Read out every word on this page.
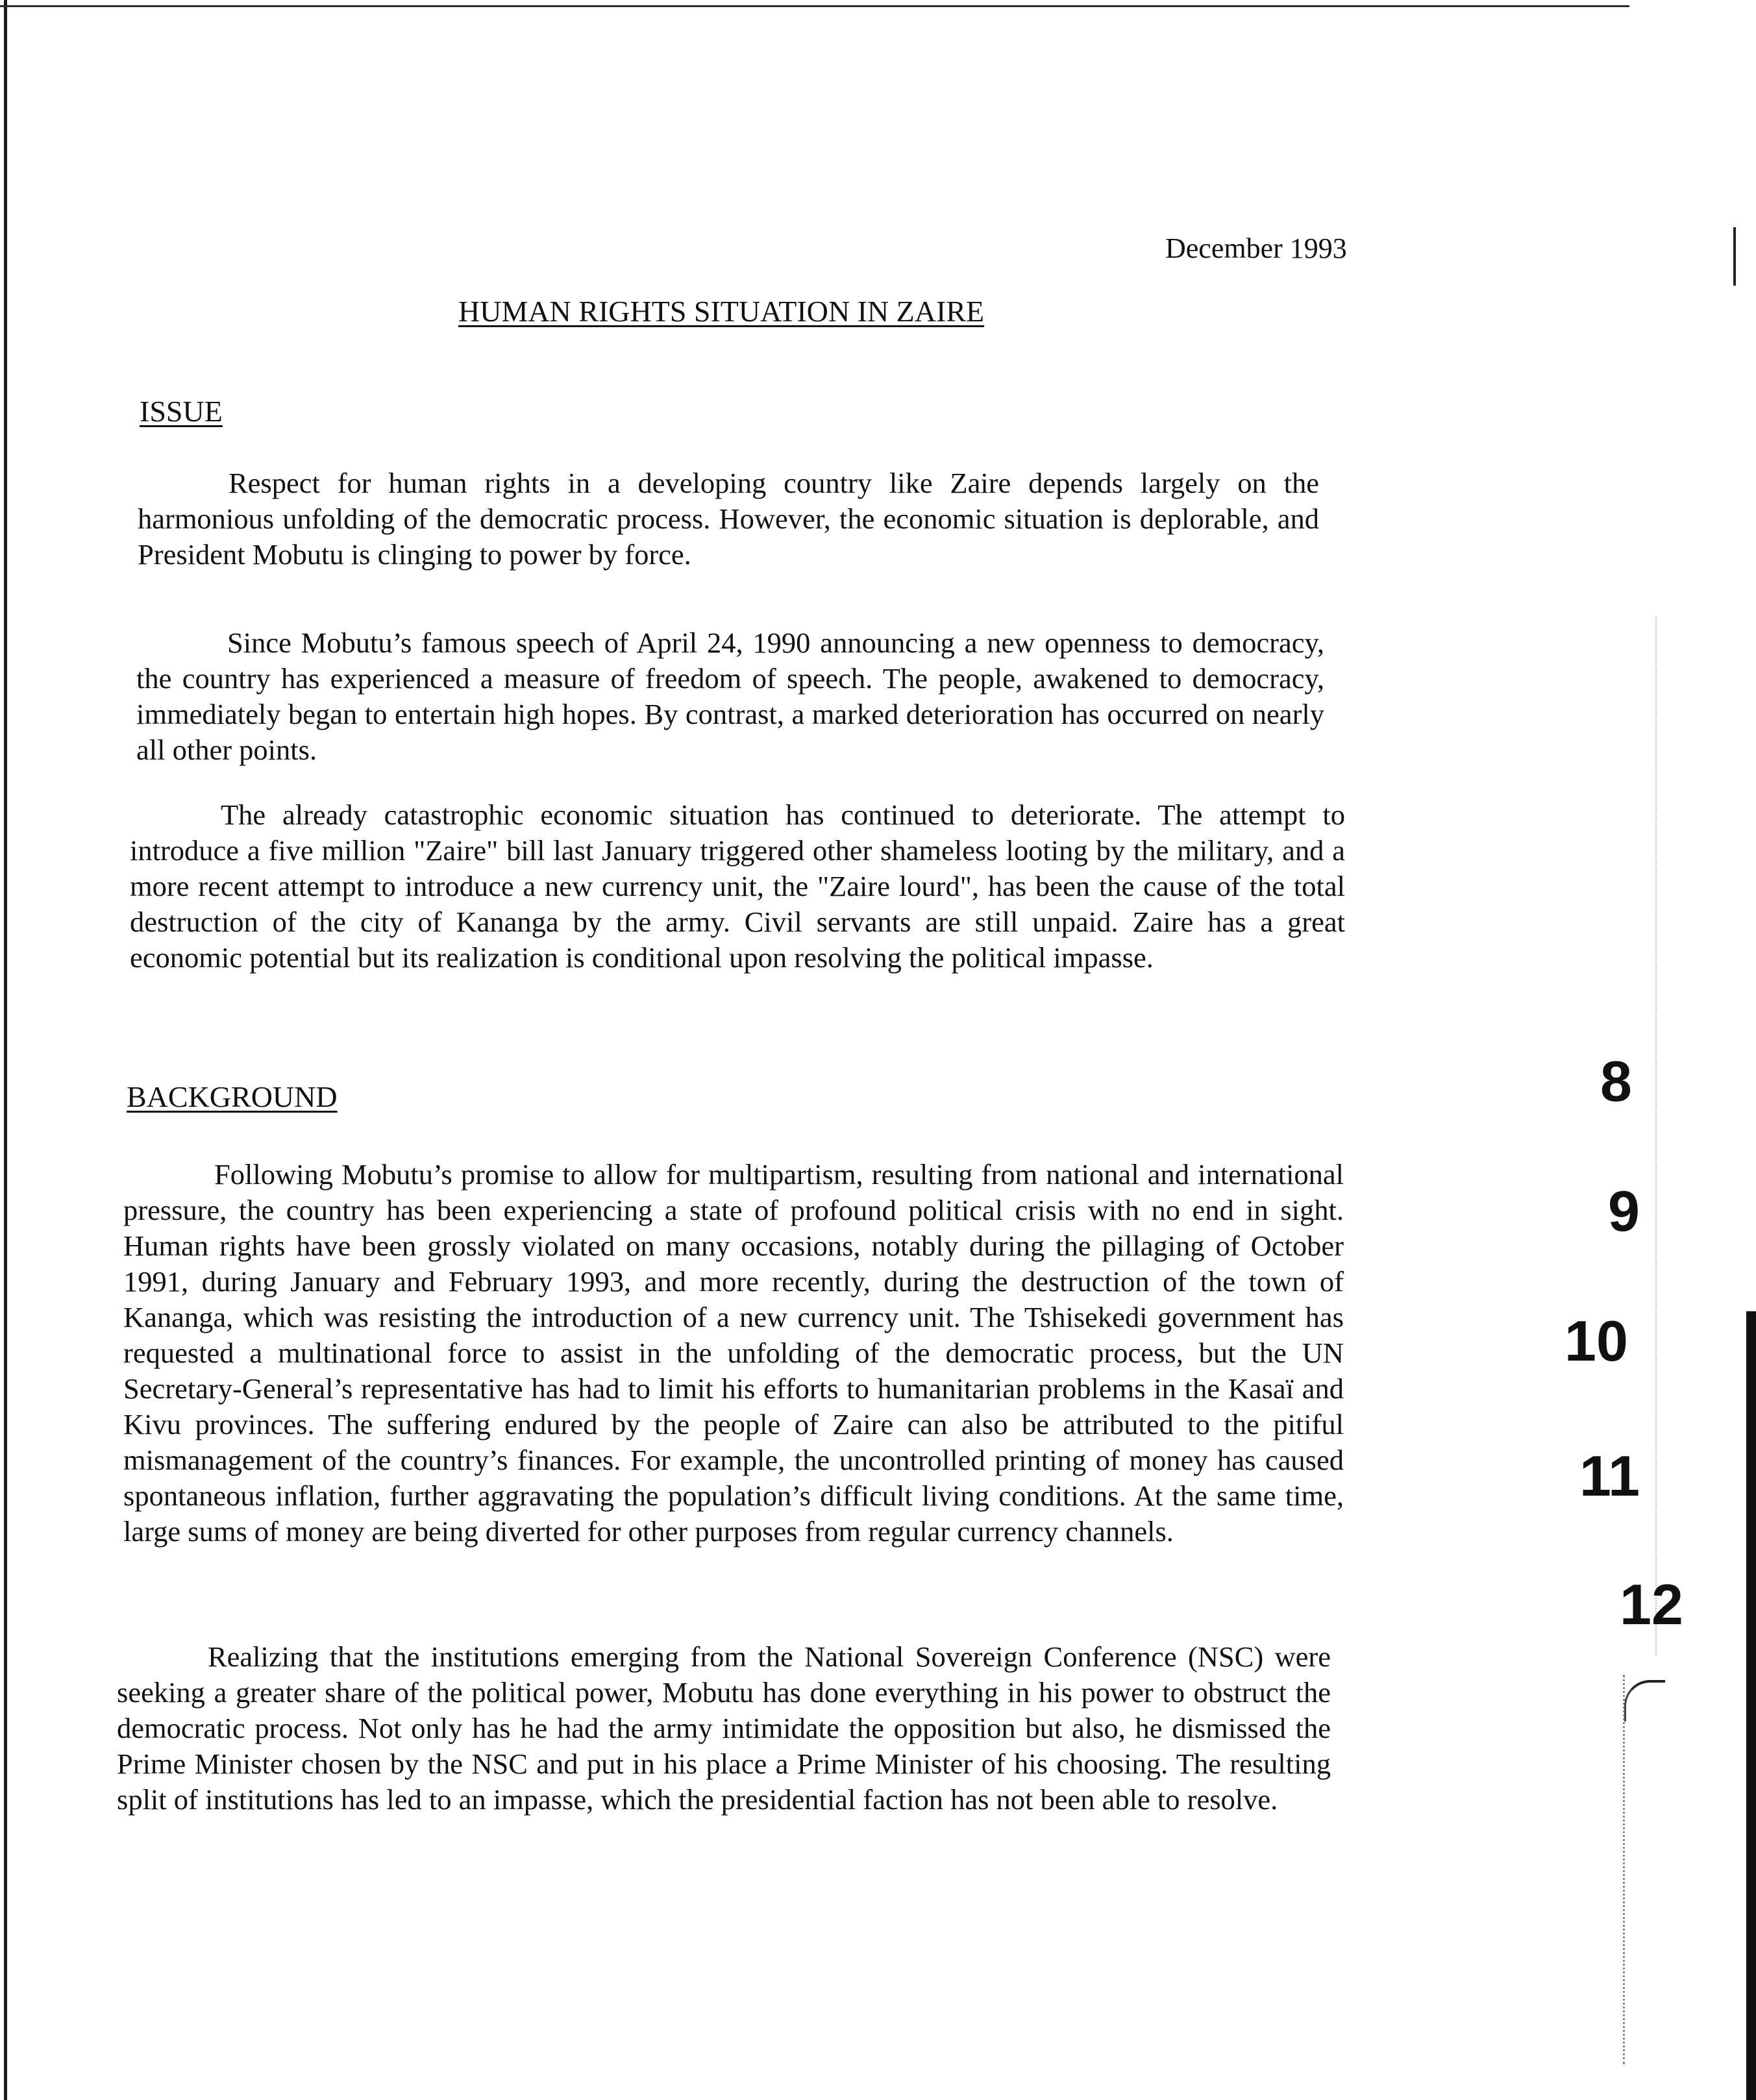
December 1993
HUMAN RIGHTS SITUATION IN ZAIRE
ISSUE

Respect for human rights in a developing country like Zaire depends largely on the harmonious unfolding of the democratic process. However, the economic situation is deplorable, and President Mobutu is clinging to power by force.

Since Mobutu’s famous speech of April 24, 1990 announcing a new openness to democracy, the country has experienced a measure of freedom of speech. The people, awakened to democracy, immediately began to entertain high hopes. By contrast, a marked deterioration has occurred on nearly all other points.

The already catastrophic economic situation has continued to deteriorate. The attempt to introduce a five million "Zaire" bill last January triggered other shameless looting by the military, and a more recent attempt to introduce a new currency unit, the "Zaire lourd", has been the cause of the total destruction of the city of Kananga by the army. Civil servants are still unpaid. Zaire has a great economic potential but its realization is conditional upon resolving the political impasse.

BACKGROUND

Following Mobutu’s promise to allow for multipartism, resulting from national and international pressure, the country has been experiencing a state of profound political crisis with no end in sight. Human rights have been grossly violated on many occasions, notably during the pillaging of October 1991, during January and February 1993, and more recently, during the destruction of the town of Kananga, which was resisting the introduction of a new currency unit. The Tshisekedi government has requested a multinational force to assist in the unfolding of the democratic process, but the UN Secretary-General’s representative has had to limit his efforts to humanitarian problems in the Kasaï and Kivu provinces. The suffering endured by the people of Zaire can also be attributed to the pitiful mismanagement of the country’s finances. For example, the uncontrolled printing of money has caused spontaneous inflation, further aggravating the population’s difficult living conditions. At the same time, large sums of money are being diverted for other purposes from regular currency channels.

Realizing that the institutions emerging from the National Sovereign Conference (NSC) were seeking a greater share of the political power, Mobutu has done everything in his power to obstruct the democratic process. Not only has he had the army intimidate the opposition but also, he dismissed the Prime Minister chosen by the NSC and put in his place a Prime Minister of his choosing. The resulting split of institutions has led to an impasse, which the presidential faction has not been able to resolve.

8
9
10
11
12
